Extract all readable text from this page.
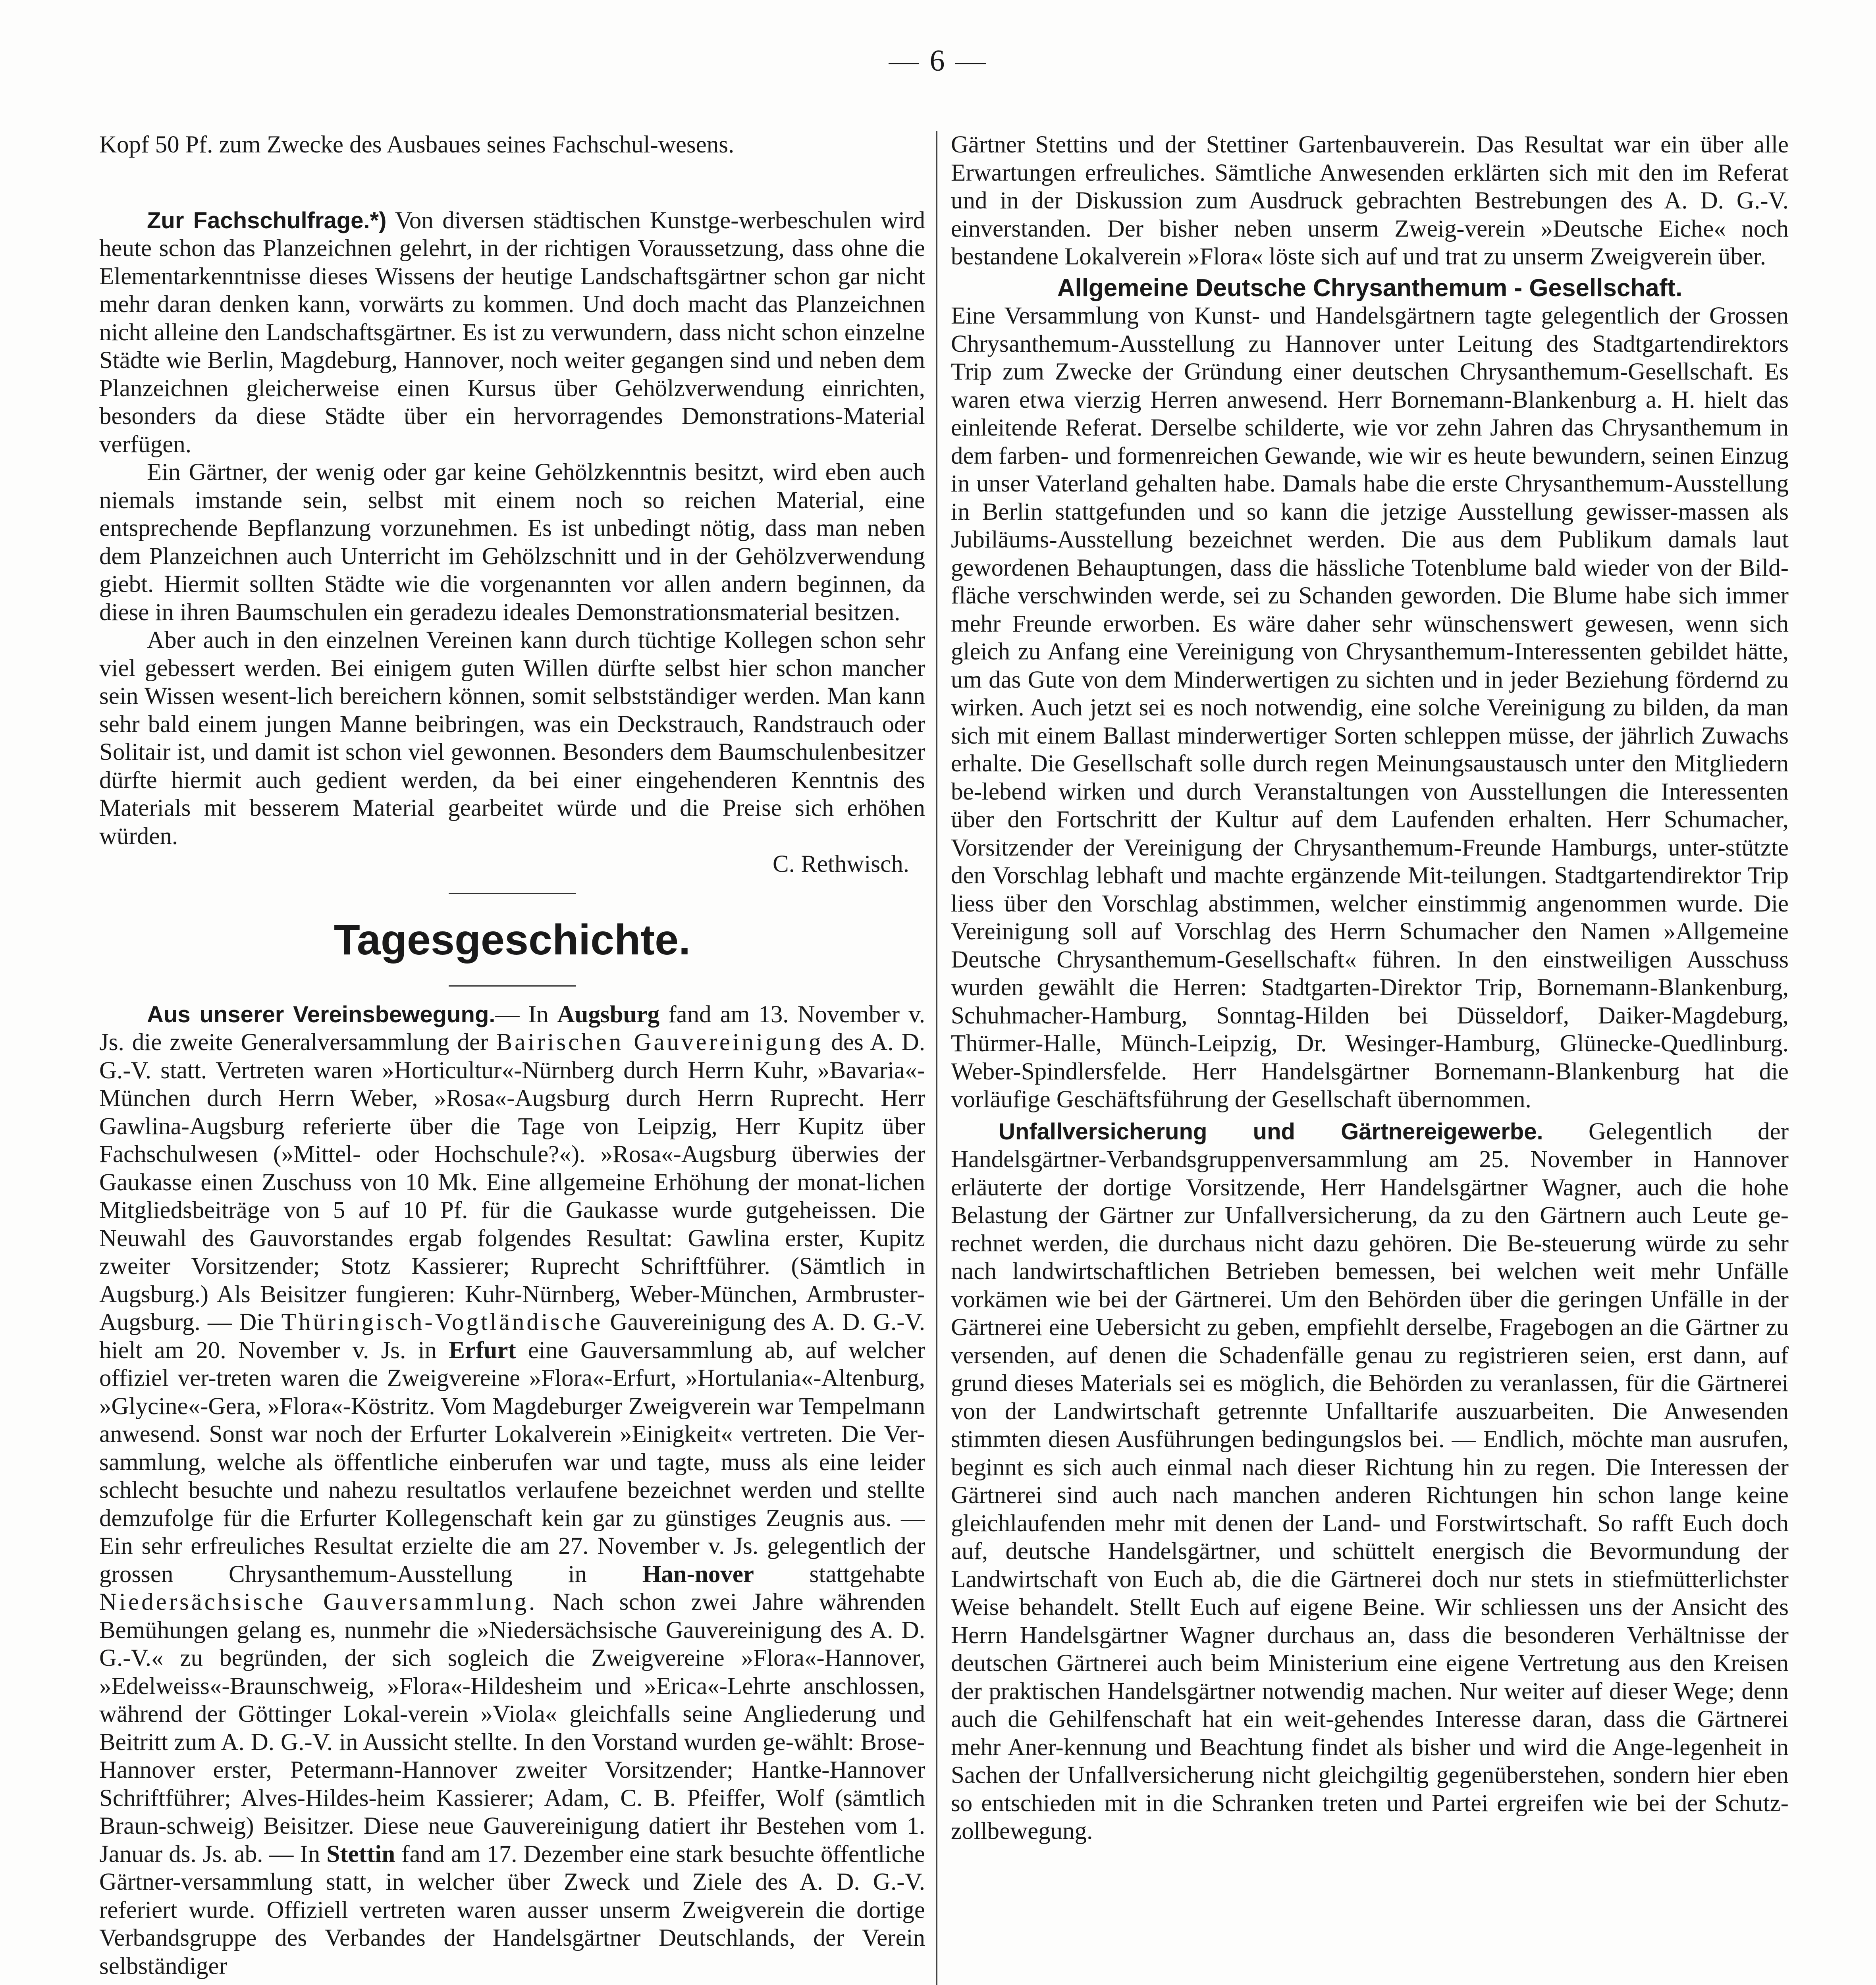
— 6 —

Kopf 50 Pf. zum Zwecke des Ausbaues seines Fachschul-wesens.

Zur Fachschulfrage.*) Von diversen städtischen Kunstge-werbeschulen wird heute schon das Planzeichnen gelehrt, in der richtigen Voraussetzung, dass ohne die Elementarkenntnisse dieses Wissens der heutige Landschaftsgärtner schon gar nicht mehr daran denken kann, vorwärts zu kommen. Und doch macht das Planzeichnen nicht alleine den Landschaftsgärtner. Es ist zu verwundern, dass nicht schon einzelne Städte wie Berlin, Magdeburg, Hannover, noch weiter gegangen sind und neben dem Planzeichnen gleicherweise einen Kursus über Gehölzverwendung einrichten, besonders da diese Städte über ein hervorragendes Demonstrations-Material verfügen.

Ein Gärtner, der wenig oder gar keine Gehölzkenntnis besitzt, wird eben auch niemals imstande sein, selbst mit einem noch so reichen Material, eine entsprechende Bepflanzung vorzunehmen. Es ist unbedingt nötig, dass man neben dem Planzeichnen auch Unterricht im Gehölzschnitt und in der Gehölzverwendung giebt. Hiermit sollten Städte wie die vorgenannten vor allen andern beginnen, da diese in ihren Baumschulen ein geradezu ideales Demonstrationsmaterial besitzen.

Aber auch in den einzelnen Vereinen kann durch tüchtige Kollegen schon sehr viel gebessert werden. Bei einigem guten Willen dürfte selbst hier schon mancher sein Wissen wesent-lich bereichern können, somit selbstständiger werden. Man kann sehr bald einem jungen Manne beibringen, was ein Deckstrauch, Randstrauch oder Solitair ist, und damit ist schon viel gewonnen. Besonders dem Baumschulenbesitzer dürfte hiermit auch gedient werden, da bei einer eingehenderen Kenntnis des Materials mit besserem Material gearbeitet würde und die Preise sich erhöhen würden.

C. Rethwisch.

Tagesgeschichte.

Aus unserer Vereinsbewegung.— In Augsburg fand am 13. November v. Js. die zweite Generalversammlung der Bairischen Gauvereinigung des A. D. G.-V. statt. Vertreten waren »Horticultur«-Nürnberg durch Herrn Kuhr, »Bavaria«-München durch Herrn Weber, »Rosa«-Augsburg durch Herrn Ruprecht. Herr Gawlina-Augsburg referierte über die Tage von Leipzig, Herr Kupitz über Fachschulwesen (»Mittel- oder Hochschule?«). »Rosa«-Augsburg überwies der Gaukasse einen Zuschuss von 10 Mk. Eine allgemeine Erhöhung der monat-lichen Mitgliedsbeiträge von 5 auf 10 Pf. für die Gaukasse wurde gutgeheissen. Die Neuwahl des Gauvorstandes ergab folgendes Resultat: Gawlina erster, Kupitz zweiter Vorsitzender; Stotz Kassierer; Ruprecht Schriftführer. (Sämtlich in Augsburg.) Als Beisitzer fungieren: Kuhr-Nürnberg, Weber-München, Armbruster-Augsburg. — Die Thüringisch-Vogtländische Gauvereinigung des A. D. G.-V. hielt am 20. November v. Js. in Erfurt eine Gauversammlung ab, auf welcher offiziel ver-treten waren die Zweigvereine »Flora«-Erfurt, »Hortulania«-Altenburg, »Glycine«-Gera, »Flora«-Köstritz. Vom Magdeburger Zweigverein war Tempelmann anwesend. Sonst war noch der Erfurter Lokalverein »Einigkeit« vertreten. Die Ver-sammlung, welche als öffentliche einberufen war und tagte, muss als eine leider schlecht besuchte und nahezu resultatlos verlaufene bezeichnet werden und stellte demzufolge für die Erfurter Kollegenschaft kein gar zu günstiges Zeugnis aus. — Ein sehr erfreuliches Resultat erzielte die am 27. November v. Js. gelegentlich der grossen Chrysanthemum-Ausstellung in Han-nover stattgehabte Niedersächsische Gauversammlung. Nach schon zwei Jahre währenden Bemühungen gelang es, nunmehr die »Niedersächsische Gauvereinigung des A. D. G.-V.« zu begründen, der sich sogleich die Zweigvereine »Flora«-Hannover, »Edelweiss«-Braunschweig, »Flora«-Hildesheim und »Erica«-Lehrte anschlossen, während der Göttinger Lokal-verein »Viola« gleichfalls seine Angliederung und Beitritt zum A. D. G.-V. in Aussicht stellte. In den Vorstand wurden ge-wählt: Brose-Hannover erster, Petermann-Hannover zweiter Vorsitzender; Hantke-Hannover Schriftführer; Alves-Hildes-heim Kassierer; Adam, C. B. Pfeiffer, Wolf (sämtlich Braun-schweig) Beisitzer. Diese neue Gauvereinigung datiert ihr Bestehen vom 1. Januar ds. Js. ab. — In Stettin fand am 17. Dezember eine stark besuchte öffentliche Gärtner-versammlung statt, in welcher über Zweck und Ziele des A. D. G.-V. referiert wurde. Offiziell vertreten waren ausser unserm Zweigverein die dortige Verbandsgruppe des Verbandes der Handelsgärtner Deutschlands, der Verein selbständiger

Gärtner Stettins und der Stettiner Gartenbauverein. Das Resultat war ein über alle Erwartungen erfreuliches. Sämtliche Anwesenden erklärten sich mit den im Referat und in der Diskussion zum Ausdruck gebrachten Bestrebungen des A. D. G.-V. einverstanden. Der bisher neben unserm Zweig-verein »Deutsche Eiche« noch bestandene Lokalverein »Flora« löste sich auf und trat zu unserm Zweigverein über.

Allgemeine Deutsche Chrysanthemum - Gesellschaft.

Eine Versammlung von Kunst- und Handelsgärtnern tagte gelegentlich der Grossen Chrysanthemum-Ausstellung zu Hannover unter Leitung des Stadtgartendirektors Trip zum Zwecke der Gründung einer deutschen Chrysanthemum-Gesellschaft. Es waren etwa vierzig Herren anwesend. Herr Bornemann-Blankenburg a. H. hielt das einleitende Referat. Derselbe schilderte, wie vor zehn Jahren das Chrysanthemum in dem farben- und formenreichen Gewande, wie wir es heute bewundern, seinen Einzug in unser Vaterland gehalten habe. Damals habe die erste Chrysanthemum-Ausstellung in Berlin stattgefunden und so kann die jetzige Ausstellung gewisser-massen als Jubiläums-Ausstellung bezeichnet werden. Die aus dem Publikum damals laut gewordenen Behauptungen, dass die hässliche Totenblume bald wieder von der Bild-fläche verschwinden werde, sei zu Schanden geworden. Die Blume habe sich immer mehr Freunde erworben. Es wäre daher sehr wünschenswert gewesen, wenn sich gleich zu Anfang eine Vereinigung von Chrysanthemum-Interessenten gebildet hätte, um das Gute von dem Minderwertigen zu sichten und in jeder Beziehung fördernd zu wirken. Auch jetzt sei es noch notwendig, eine solche Vereinigung zu bilden, da man sich mit einem Ballast minderwertiger Sorten schleppen müsse, der jährlich Zuwachs erhalte. Die Gesellschaft solle durch regen Meinungsaustausch unter den Mitgliedern be-lebend wirken und durch Veranstaltungen von Ausstellungen die Interessenten über den Fortschritt der Kultur auf dem Laufenden erhalten. Herr Schumacher, Vorsitzender der Vereinigung der Chrysanthemum-Freunde Hamburgs, unter-stützte den Vorschlag lebhaft und machte ergänzende Mit-teilungen. Stadtgartendirektor Trip liess über den Vorschlag abstimmen, welcher einstimmig angenommen wurde. Die Vereinigung soll auf Vorschlag des Herrn Schumacher den Namen »Allgemeine Deutsche Chrysanthemum-Gesellschaft« führen. In den einstweiligen Ausschuss wurden gewählt die Herren: Stadtgarten-Direktor Trip, Bornemann-Blankenburg, Schuhmacher-Hamburg, Sonntag-Hilden bei Düsseldorf, Daiker-Magdeburg, Thürmer-Halle, Münch-Leipzig, Dr. Wesinger-Hamburg, Glünecke-Quedlinburg. Weber-Spindlersfelde. Herr Handelsgärtner Bornemann-Blankenburg hat die vorläufige Geschäftsführung der Gesellschaft übernommen.

Unfallversicherung und Gärtnereigewerbe. Gelegentlich der Handelsgärtner-Verbandsgruppenversammlung am 25. November in Hannover erläuterte der dortige Vorsitzende, Herr Handelsgärtner Wagner, auch die hohe Belastung der Gärtner zur Unfallversicherung, da zu den Gärtnern auch Leute ge-rechnet werden, die durchaus nicht dazu gehören. Die Be-steuerung würde zu sehr nach landwirtschaftlichen Betrieben bemessen, bei welchen weit mehr Unfälle vorkämen wie bei der Gärtnerei. Um den Behörden über die geringen Unfälle in der Gärtnerei eine Uebersicht zu geben, empfiehlt derselbe, Fragebogen an die Gärtner zu versenden, auf denen die Schadenfälle genau zu registrieren seien, erst dann, auf grund dieses Materials sei es möglich, die Behörden zu veranlassen, für die Gärtnerei von der Landwirtschaft getrennte Unfalltarife auszuarbeiten. Die Anwesenden stimmten diesen Ausführungen bedingungslos bei. — Endlich, möchte man ausrufen, beginnt es sich auch einmal nach dieser Richtung hin zu regen. Die Interessen der Gärtnerei sind auch nach manchen anderen Richtungen hin schon lange keine gleichlaufenden mehr mit denen der Land- und Forstwirtschaft. So rafft Euch doch auf, deutsche Handelsgärtner, und schüttelt energisch die Bevormundung der Landwirtschaft von Euch ab, die die Gärtnerei doch nur stets in stiefmütterlichster Weise behandelt. Stellt Euch auf eigene Beine. Wir schliessen uns der Ansicht des Herrn Handelsgärtner Wagner durchaus an, dass die besonderen Verhältnisse der deutschen Gärtnerei auch beim Ministerium eine eigene Vertretung aus den Kreisen der praktischen Handelsgärtner notwendig machen. Nur weiter auf dieser Wege; denn auch die Gehilfenschaft hat ein weit-gehendes Interesse daran, dass die Gärtnerei mehr Aner-kennung und Beachtung findet als bisher und wird die Ange-legenheit in Sachen der Unfallversicherung nicht gleichgiltig gegenüberstehen, sondern hier eben so entschieden mit in die Schranken treten und Partei ergreifen wie bei der Schutz-zollbewegung.
